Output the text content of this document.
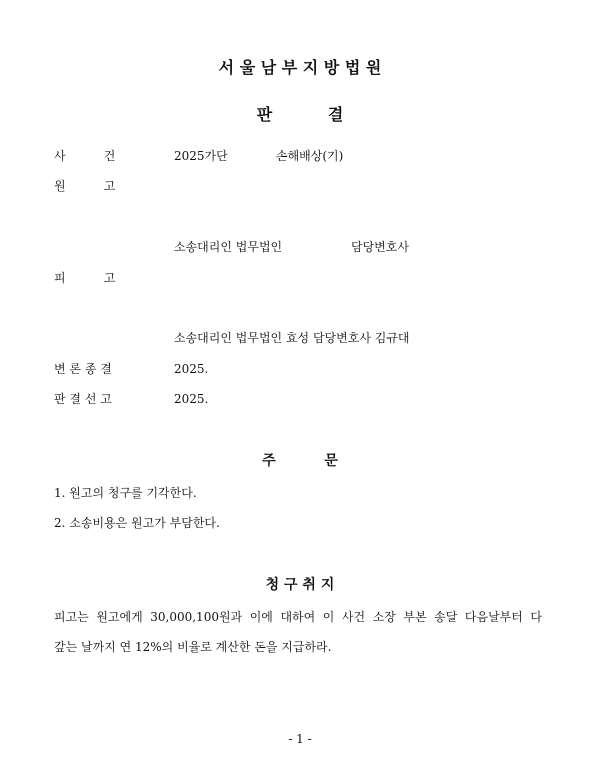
서 울 남 부 지 방 법 원
판          결
사          건	2025가단	손해배상(기)
원          고
소송대리인 법무법인	담당변호사
피          고
소송대리인 법무법인 효성 담당변호사 김규대
변 론 종 결	2025.
판 결 선 고	2025.
주          문
1. 원고의 청구를 기각한다.
2. 소송비용은 원고가 부담한다.
청 구 취 지
피고는 원고에게 30,000,100원과 이에 대하여 이 사건 소장 부본 송달 다음날부터 다
갚는 날까지 연 12%의 비율로 계산한 돈을 지급하라.
- 1 -
